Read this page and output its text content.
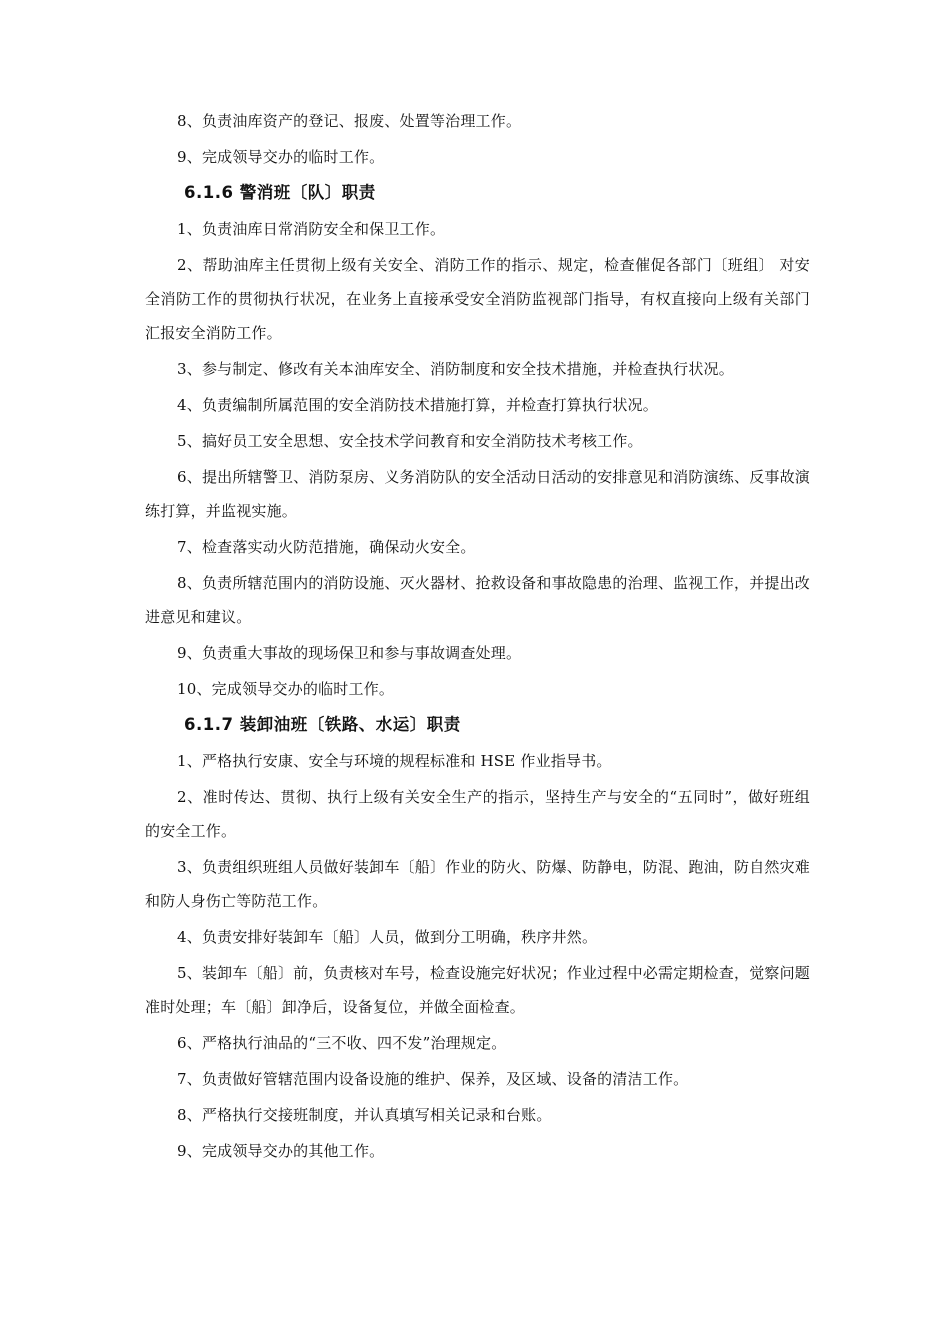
8、负责油库资产的登记、报废、处置等治理工作。

9、完成领导交办的临时工作。

6.1.6 警消班〔队〕职责

1、负责油库日常消防安全和保卫工作。

2、帮助油库主任贯彻上级有关安全、消防工作的指示、规定，检查催促各部门〔班组〕 对安全消防工作的贯彻执行状况，在业务上直接承受安全消防监视部门指导，有权直接向上级有关部门汇报安全消防工作。

3、参与制定、修改有关本油库安全、消防制度和安全技术措施，并检查执行状况。

4、负责编制所属范围的安全消防技术措施打算，并检查打算执行状况。

5、搞好员工安全思想、安全技术学问教育和安全消防技术考核工作。

6、提出所辖警卫、消防泵房、义务消防队的安全活动日活动的安排意见和消防演练、反事故演练打算，并监视实施。

7、检查落实动火防范措施，确保动火安全。

8、负责所辖范围内的消防设施、灭火器材、抢救设备和事故隐患的治理、监视工作，并提出改进意见和建议。

9、负责重大事故的现场保卫和参与事故调查处理。

10、完成领导交办的临时工作。

6.1.7 装卸油班〔铁路、水运〕职责

1、严格执行安康、安全与环境的规程标准和 HSE 作业指导书。

2、准时传达、贯彻、执行上级有关安全生产的指示，坚持生产与安全的“五同时”，做好班组的安全工作。

3、负责组织班组人员做好装卸车〔船〕作业的防火、防爆、防静电，防混、跑油，防自然灾难和防人身伤亡等防范工作。

4、负责安排好装卸车〔船〕人员，做到分工明确，秩序井然。

5、装卸车〔船〕前，负责核对车号，检查设施完好状况；作业过程中必需定期检查，觉察问题准时处理；车〔船〕卸净后，设备复位，并做全面检查。

6、严格执行油品的“三不收、四不发”治理规定。

7、负责做好管辖范围内设备设施的维护、保养，及区域、设备的清洁工作。

8、严格执行交接班制度，并认真填写相关记录和台账。

9、完成领导交办的其他工作。
